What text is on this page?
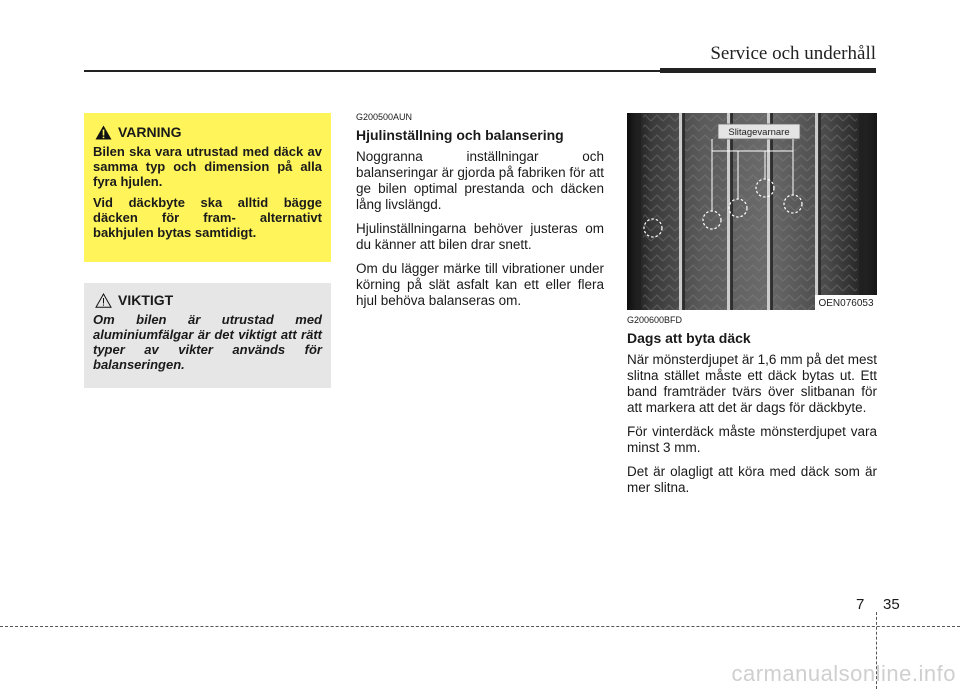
Service och underhåll
VARNING

Bilen ska vara utrustad med däck av samma typ och dimension på alla fyra hjulen.

Vid däckbyte ska alltid bägge däcken för fram- alternativt bakhjulen bytas samtidigt.

VIKTIGT

Om bilen är utrustad med aluminiumfälgar är det viktigt att rätt typer av vikter används för balanseringen.

G200500AUN
Hjulinställning och balansering

Noggranna inställningar och balanseringar är gjorda på fabriken för att ge bilen optimal prestanda och däcken lång livslängd.

Hjulinställningarna behöver justeras om du känner att bilen drar snett.

Om du lägger märke till vibrationer under körning på slät asfalt kan ett eller flera hjul behöva balanseras om.

Slitagevarnare
OEN076053
G200600BFD
Dags att byta däck

När mönsterdjupet är 1,6 mm på det mest slitna stället måste ett däck bytas ut. Ett band framträder tvärs över slitbanan för att markera att det är dags för däckbyte.

För vinterdäck måste mönsterdjupet vara minst 3 mm.

Det är olagligt att köra med däck som är mer slitna.

7 35
carmanualsonline.info
